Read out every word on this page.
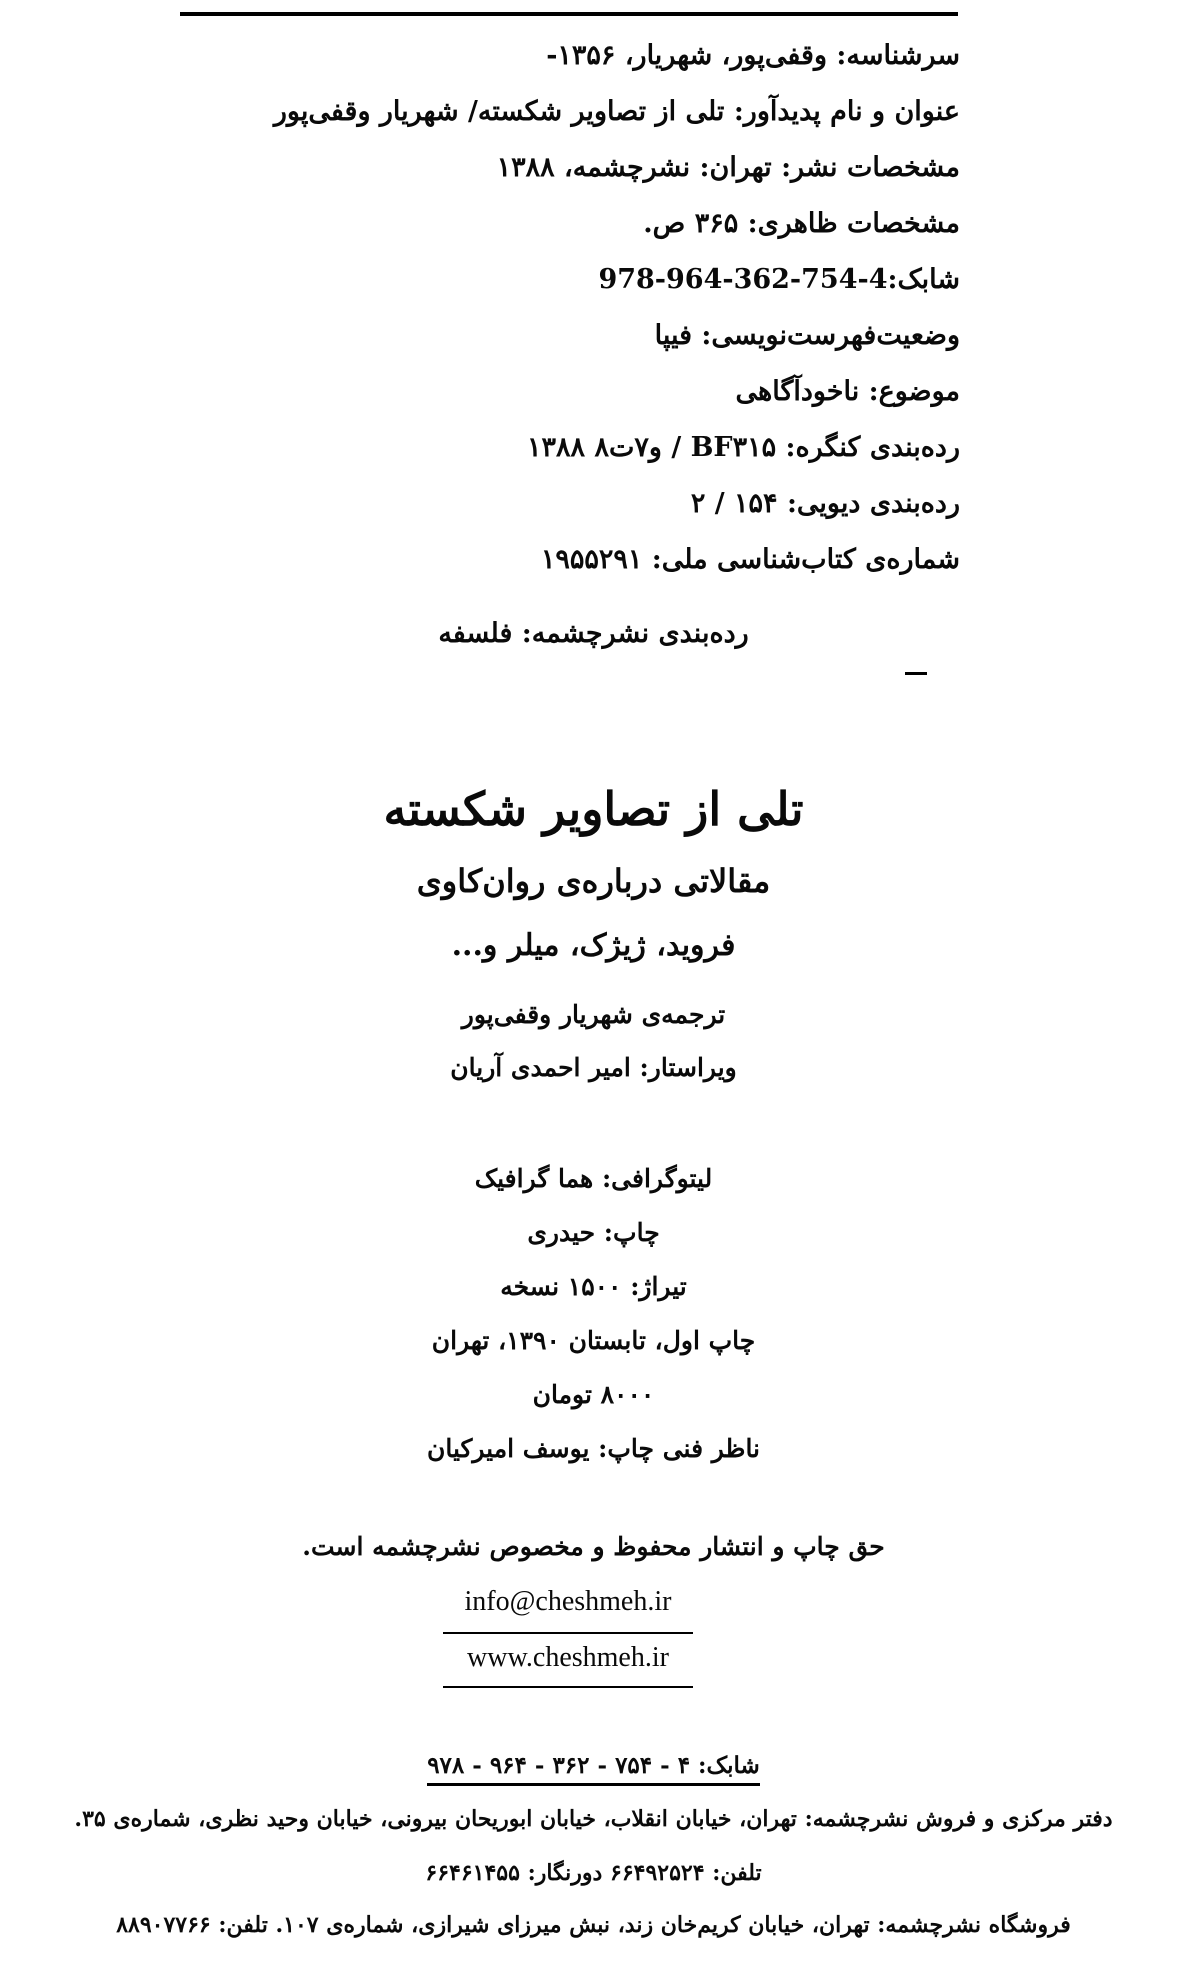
سرشناسه: وقفی‌پور، شهریار، ۱۳۵۶-
عنوان و نام پدیدآور: تلی از تصاویر شکسته/ شهریار وقفی‌پور
مشخصات نشر: تهران: نشرچشمه، ۱۳۸۸
مشخصات ظاهری: ۳۶۵ ص.
شابک:978-964-362-754-4
وضعیت‌فهرست‌نویسی: فیپا
موضوع: ناخودآگاهی
رده‌بندی کنگره: BF۳۱۵ / و۷ت۸ ۱۳۸۸
رده‌بندی دیویی: ۱۵۴ / ۲
شماره‌ی کتاب‌شناسی ملی: ۱۹۵۵۲۹۱
رده‌بندی نشرچشمه: فلسفه
تلی از تصاویر شکسته
مقالاتی درباره‌ی روان‌کاوی
فروید، ژیژک، میلر و...
ترجمه‌ی شهریار وقفی‌پور
ویراستار: امیر احمدی آریان
لیتوگرافی: هما گرافیک
چاپ: حیدری
تیراژ: ۱۵۰۰ نسخه
چاپ اول، تابستان ۱۳۹۰، تهران
۸۰۰۰ تومان
ناظر فنی چاپ: یوسف امیرکیان
حق چاپ و انتشار محفوظ و مخصوص نشرچشمه است.
info@cheshmeh.ir
www.cheshmeh.ir
شابک: ۴ - ۷۵۴ - ۳۶۲ - ۹۶۴ - ۹۷۸
دفتر مرکزی و فروش نشرچشمه: تهران، خیابان انقلاب، خیابان ابوریحان بیرونی، خیابان وحید نظری، شماره‌ی ۳۵.
تلفن: ۶۶۴۹۲۵۲۴ دورنگار: ۶۶۴۶۱۴۵۵
فروشگاه نشرچشمه: تهران، خیابان کریم‌خان زند، نبش میرزای شیرازی، شماره‌ی ۱۰۷. تلفن: ۸۸۹۰۷۷۶۶
